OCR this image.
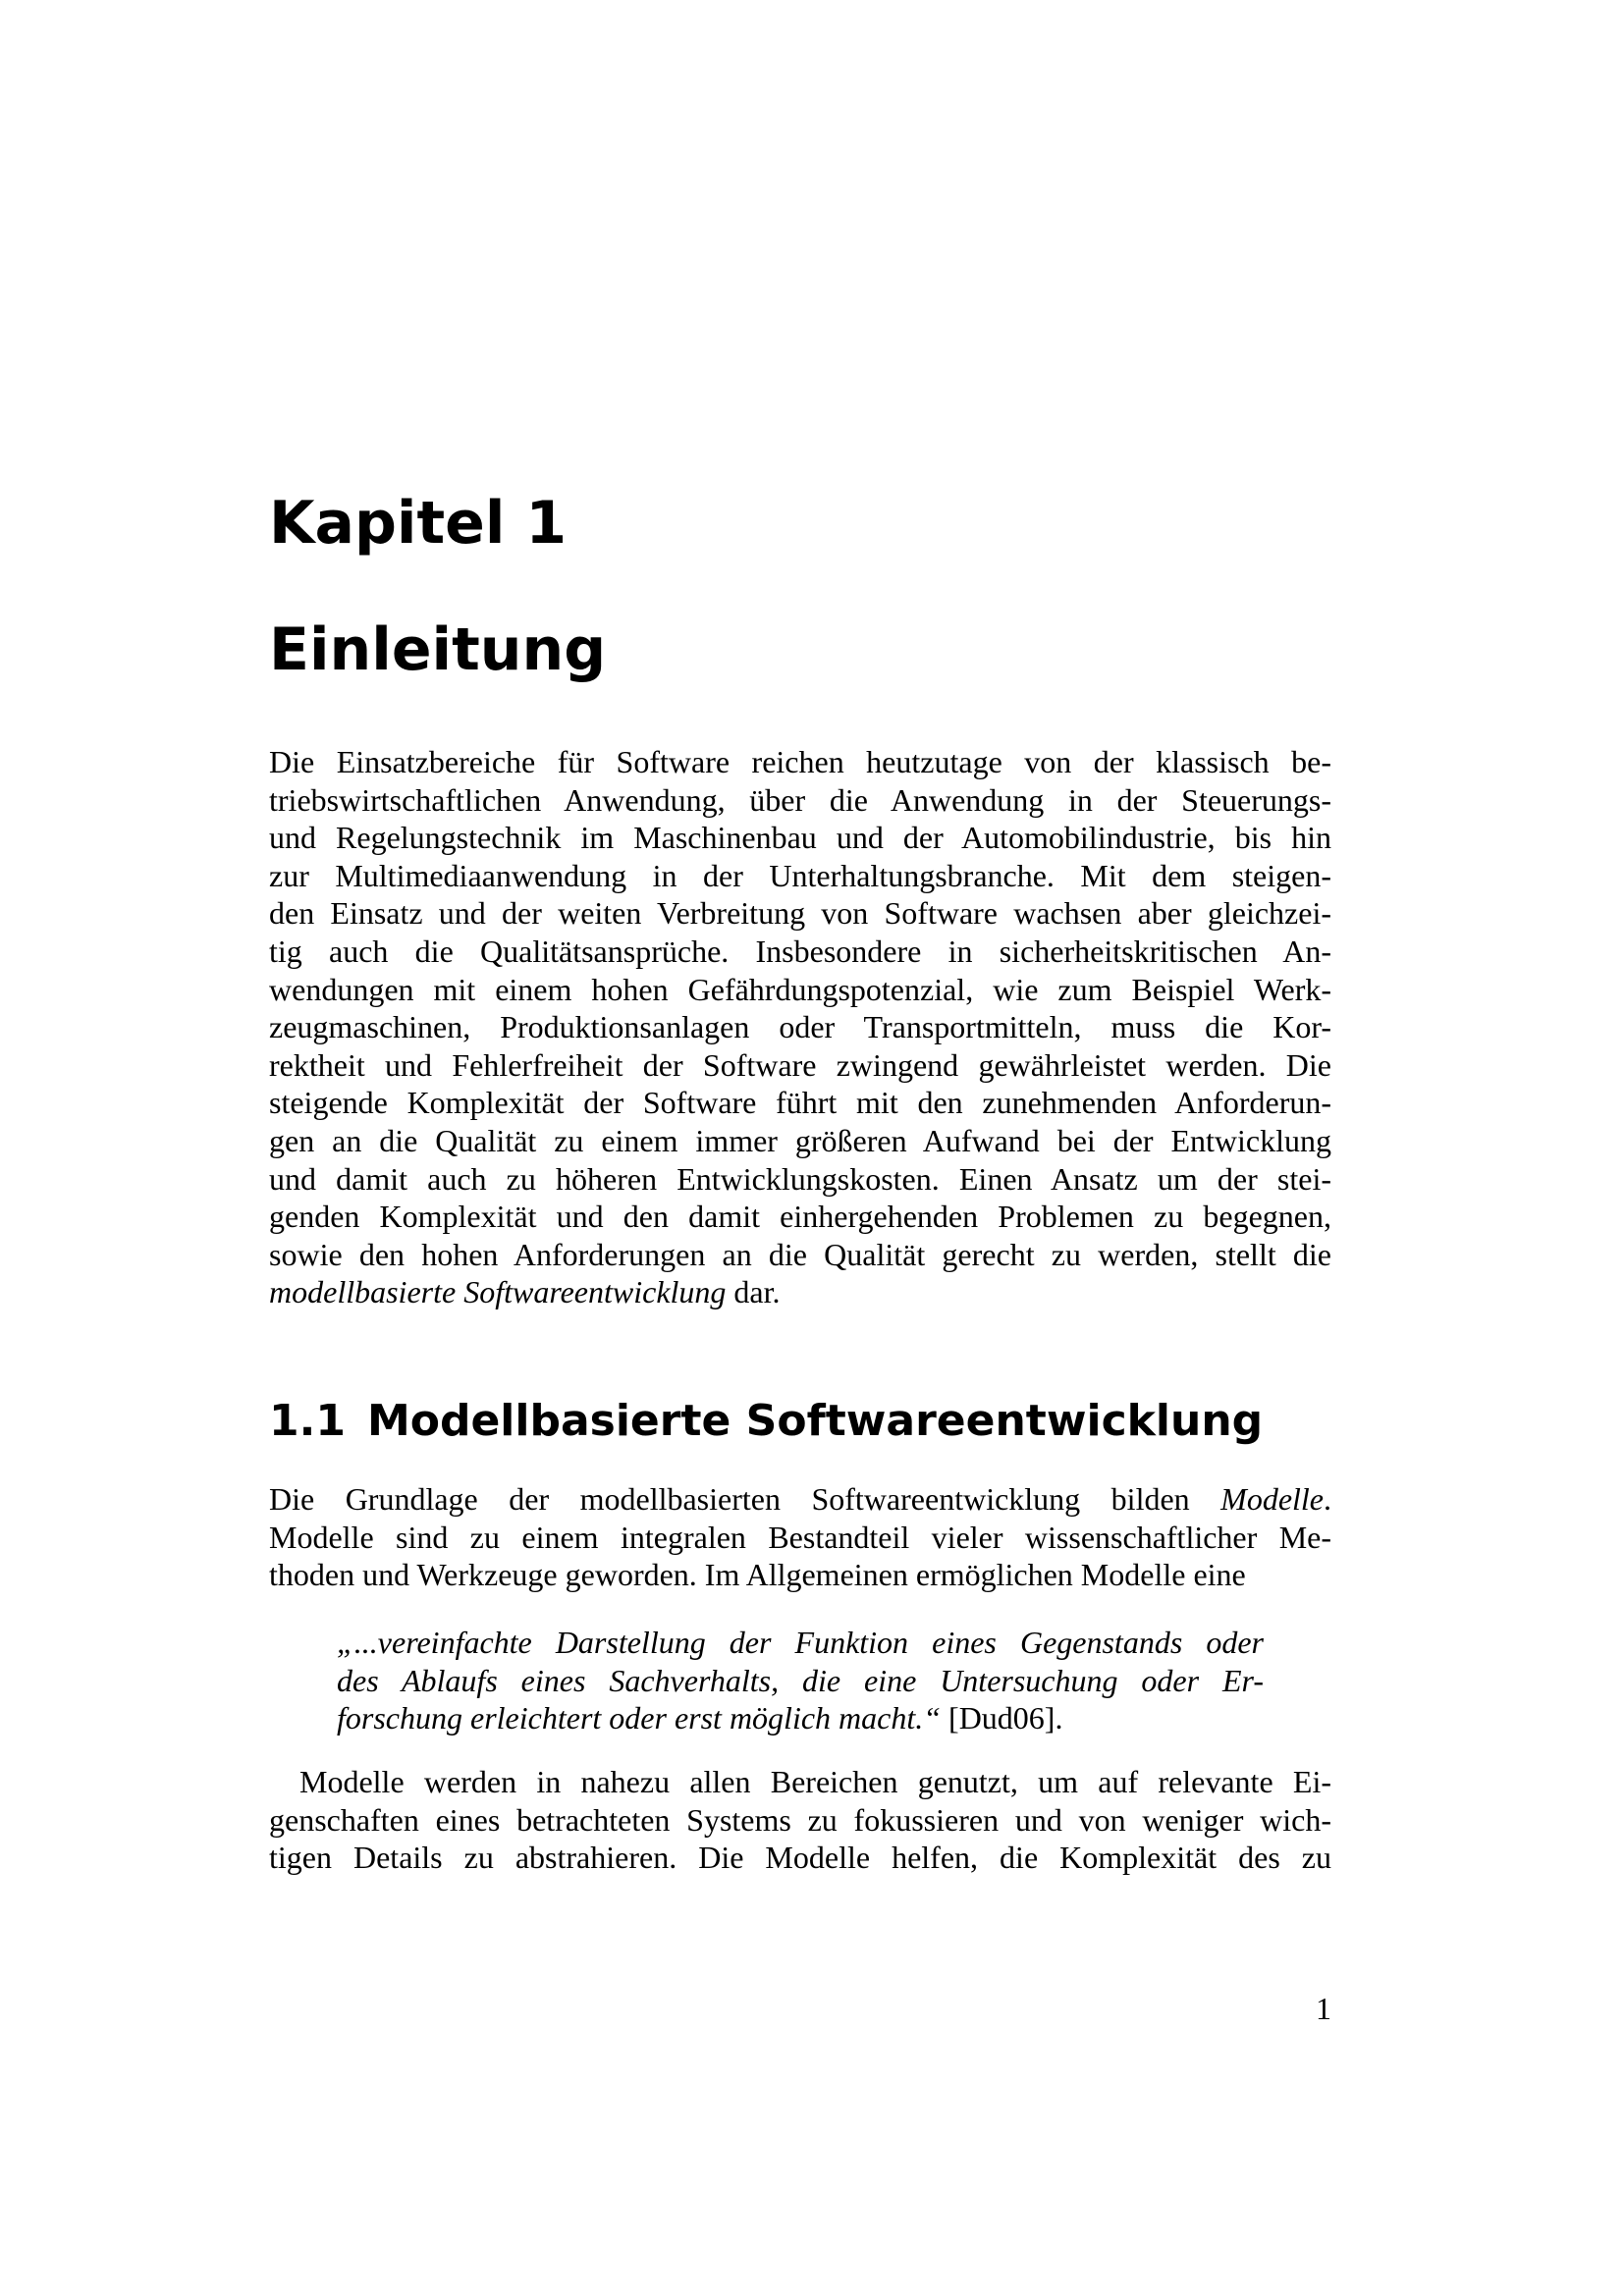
Kapitel 1
Einleitung

Die Einsatzbereiche für Software reichen heutzutage von der klassisch be-
triebswirtschaftlichen Anwendung, über die Anwendung in der Steuerungs-
und Regelungstechnik im Maschinenbau und der Automobilindustrie, bis hin
zur Multimediaanwendung in der Unterhaltungsbranche. Mit dem steigen-
den Einsatz und der weiten Verbreitung von Software wachsen aber gleichzei-
tig auch die Qualitätsansprüche. Insbesondere in sicherheitskritischen An-
wendungen mit einem hohen Gefährdungspotenzial, wie zum Beispiel Werk-
zeugmaschinen, Produktionsanlagen oder Transportmitteln, muss die Kor-
rektheit und Fehlerfreiheit der Software zwingend gewährleistet werden. Die
steigende Komplexität der Software führt mit den zunehmenden Anforderun-
gen an die Qualität zu einem immer größeren Aufwand bei der Entwicklung
und damit auch zu höheren Entwicklungskosten. Einen Ansatz um der stei-
genden Komplexität und den damit einhergehenden Problemen zu begegnen,
sowie den hohen Anforderungen an die Qualität gerecht zu werden, stellt die
modellbasierte Softwareentwicklung dar.

1.1 Modellbasierte Softwareentwicklung

Die Grundlage der modellbasierten Softwareentwicklung bilden Modelle.
Modelle sind zu einem integralen Bestandteil vieler wissenschaftlicher Me-
thoden und Werkzeuge geworden. Im Allgemeinen ermöglichen Modelle eine

„...vereinfachte Darstellung der Funktion eines Gegenstands oder
des Ablaufs eines Sachverhalts, die eine Untersuchung oder Er-
forschung erleichtert oder erst möglich macht.“ [Dud06].

Modelle werden in nahezu allen Bereichen genutzt, um auf relevante Ei-
genschaften eines betrachteten Systems zu fokussieren und von weniger wich-
tigen Details zu abstrahieren. Die Modelle helfen, die Komplexität des zu

1
